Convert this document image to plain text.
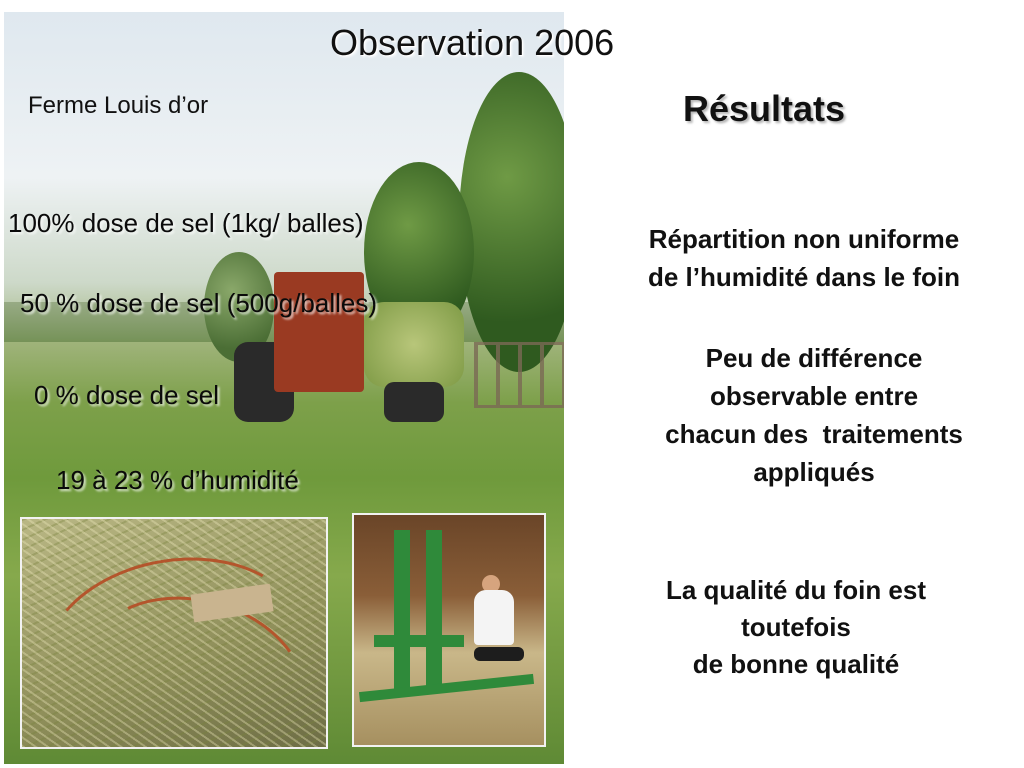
Observation 2006
Ferme Louis d’or
100% dose de sel (1kg/ balles)
50 % dose de sel (500g/balles)
0 % dose de sel
19 à 23 % d’humidité
Résultats
Répartition non uniforme
de l’humidité dans le foin
Peu de différence
observable entre
chacun des  traitements
appliqués
La qualité du foin est
toutefois
de bonne qualité
